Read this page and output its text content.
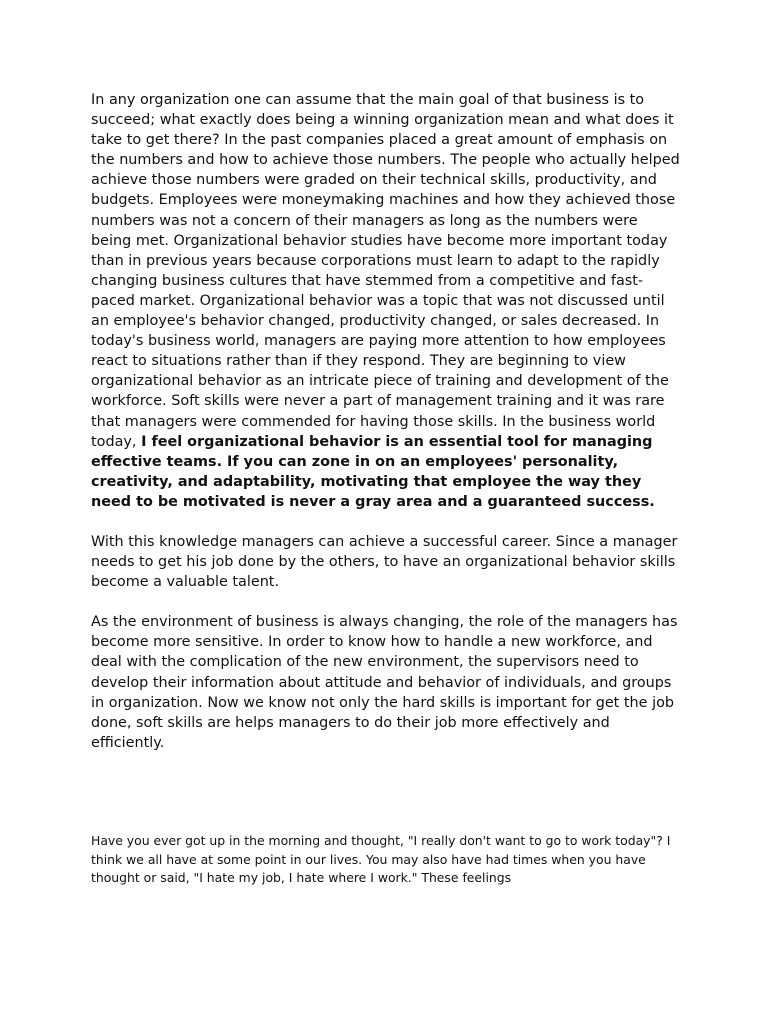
In any organization one can assume that the main goal of that business is to succeed; what exactly does being a winning organization mean and what does it take to get there? In the past companies placed a great amount of emphasis on the numbers and how to achieve those numbers. The people who actually helped achieve those numbers were graded on their technical skills, productivity, and budgets. Employees were moneymaking machines and how they achieved those numbers was not a concern of their managers as long as the numbers were being met. Organizational behavior studies have become more important today than in previous years because corporations must learn to adapt to the rapidly changing business cultures that have stemmed from a competitive and fast-paced market. Organizational behavior was a topic that was not discussed until an employee's behavior changed, productivity changed, or sales decreased. In today's business world, managers are paying more attention to how employees react to situations rather than if they respond. They are beginning to view organizational behavior as an intricate piece of training and development of the workforce. Soft skills were never a part of management training and it was rare that managers were commended for having those skills. In the business world today, I feel organizational behavior is an essential tool for managing effective teams. If you can zone in on an employees' personality, creativity, and adaptability, motivating that employee the way they need to be motivated is never a gray area and a guaranteed success.

With this knowledge managers can achieve a successful career. Since a manager needs to get his job done by the others, to have an organizational behavior skills become a valuable talent.

As the environment of business is always changing, the role of the managers has become more sensitive. In order to know how to handle a new workforce, and deal with the complication of the new environment, the supervisors need to develop their information about attitude and behavior of individuals, and groups in organization. Now we know not only the hard skills is important for get the job done, soft skills are helps managers to do their job more effectively and efficiently.

Have you ever got up in the morning and thought, "I really don't want to go to work today"? I think we all have at some point in our lives. You may also have had times when you have thought or said, "I hate my job, I hate where I work." These feelings
